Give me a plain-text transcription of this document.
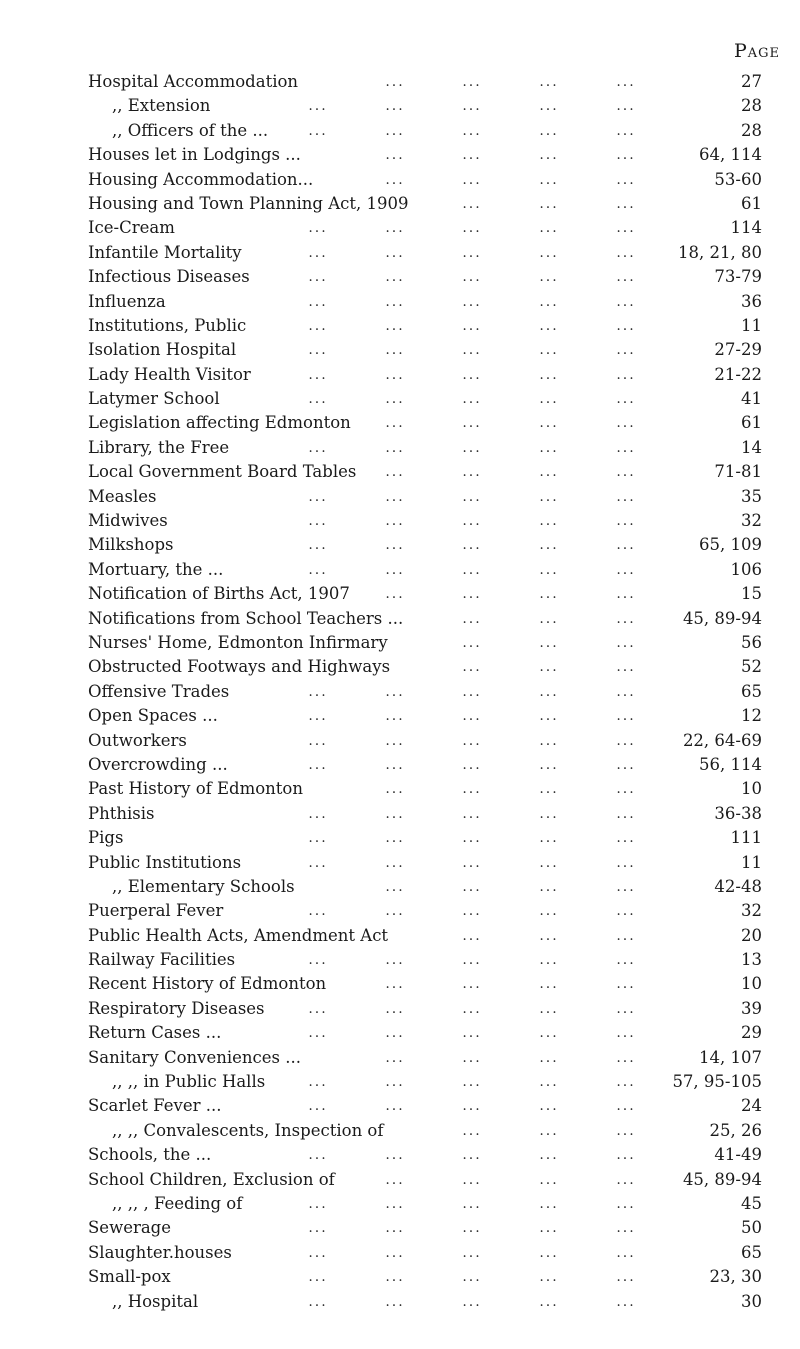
Page
Hospital Accommodation	...	...	...	...	27
,, Extension	...	...	...	...	...	28
,, Officers of the ...	...	...	...	...	...	28
Houses let in Lodgings ...	...	...	...	...	64, 114
Housing Accommodation...	...	...	...	...	53-60
Housing and Town Planning Act, 1909	...	...	...	61
Ice-Cream	...	...	...	...	...	114
Infantile Mortality	...	...	...	...	...	18, 21, 80
Infectious Diseases	...	...	...	...	...	73-79
Influenza	...	...	...	...	...	36
Institutions, Public	...	...	...	...	...	11
Isolation Hospital	...	...	...	...	...	27-29
Lady Health Visitor	...	...	...	...	...	21-22
Latymer School	...	...	...	...	...	41
Legislation affecting Edmonton ...	...	...	...	61
Library, the Free	...	...	...	...	...	14
Local Government Board Tables ...	...	...	...	71-81
Measles	...	...	...	...	...	35
Midwives	...	...	...	...	...	32
Milkshops	...	...	...	...	...	65, 109
Mortuary, the ...	...	...	...	...	...	106
Notification of Births Act, 1907	...	...	...	...	15
Notifications from School Teachers ...	...	...	...	45, 89-94
Nurses' Home, Edmonton Infirmary	...	...	...	56
Obstructed Footways and Highways	...	...	...	52
Offensive Trades	...	...	...	...	...	65
Open Spaces ...	...	...	...	...	...	12
Outworkers	...	...	...	...	...	22, 64-69
Overcrowding ...	...	...	...	...	...	56, 114
Past History of Edmonton	...	...	...	...	10
Phthisis	...	...	...	...	...	36-38
Pigs	...	...	...	...	...	111
Public Institutions	...	...	...	...	...	11
,, Elementary Schools	...	...	...	...	42-48
Puerperal Fever	...	...	...	...	...	32
Public Health Acts, Amendment Act	...	...	...	20
Railway Facilities	...	...	...	...	...	13
Recent History of Edmonton	...	...	...	...	10
Respiratory Diseases	...	...	...	...	...	39
Return Cases ...	...	...	...	...	...	29
Sanitary Conveniences ...	...	...	...	...	14, 107
,, ,, in Public Halls	...	...	...	...	... 57, 95-105
Scarlet Fever ...	...	...	...	...	...	24
,, ,, Convalescents, Inspection of	...	...	...	25, 26
Schools, the ...	...	...	...	...	...	41-49
School Children, Exclusion of	...	...	...	...	45, 89-94
,, ,, , Feeding of	...	...	...	...	...	45
Sewerage	...	...	...	...	...	50
Slaughter.houses	...	...	...	...	...	65
Small-pox	...	...	...	...	...	23, 30
,, Hospital	...	...	...	...	...	30
